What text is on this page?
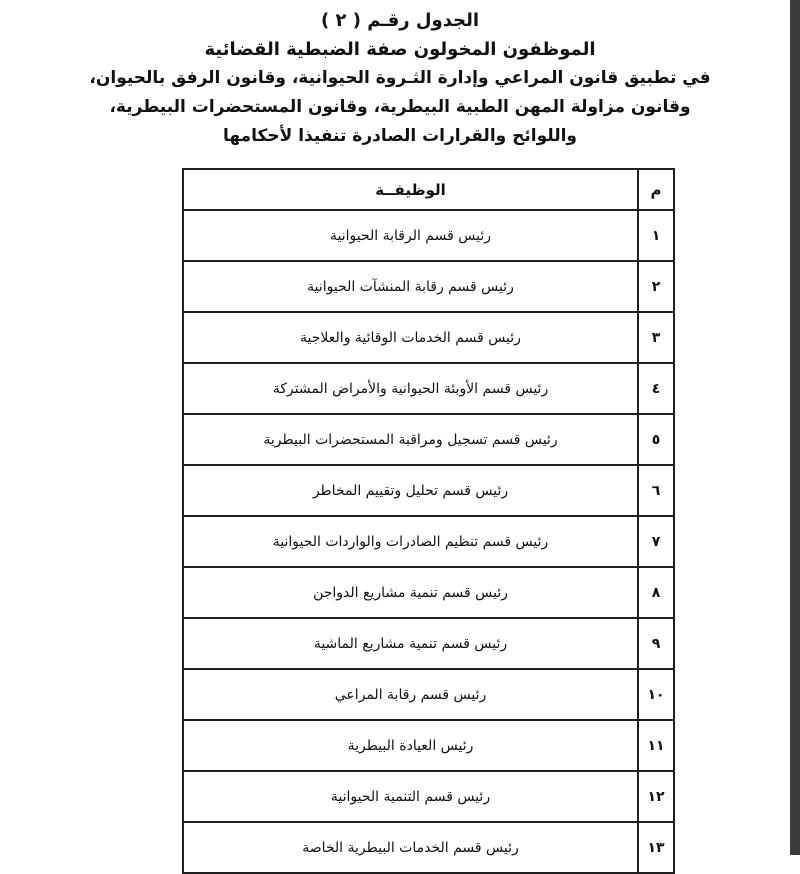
الجدول رقـم ( ٢ )
الموظفون المخولون صفة الضبطية القضائية
في تطبيق قانون المراعي وإدارة الثـروة الحيوانية، وقانون الرفق بالحيوان،
وقانون مزاولة المهن الطبية البيطرية، وقانون المستحضرات البيطرية،
واللوائح والقرارات الصادرة تنفيذا لأحكامها
م	الوظيفــة
١	رئيس قسم الرقابة الحيوانية
٢	رئيس قسم رقابة المنشآت الحيوانية
٣	رئيس قسم الخدمات الوقائية والعلاجية
٤	رئيس قسم الأوبئة الحيوانية والأمراض المشتركة
٥	رئيس قسم تسجيل ومراقبة المستحضرات البيطرية
٦	رئيس قسم تحليل وتقييم المخاطر
٧	رئيس قسم تنظيم الصادرات والواردات الحيوانية
٨	رئيس قسم تنمية مشاريع الدواجن
٩	رئيس قسم تنمية مشاريع الماشية
١٠	رئيس قسم رقابة المراعي
١١	رئيس العيادة البيطرية
١٢	رئيس قسم التنمية الحيوانية
١٣	رئيس قسم الخدمات البيطرية الخاصة
